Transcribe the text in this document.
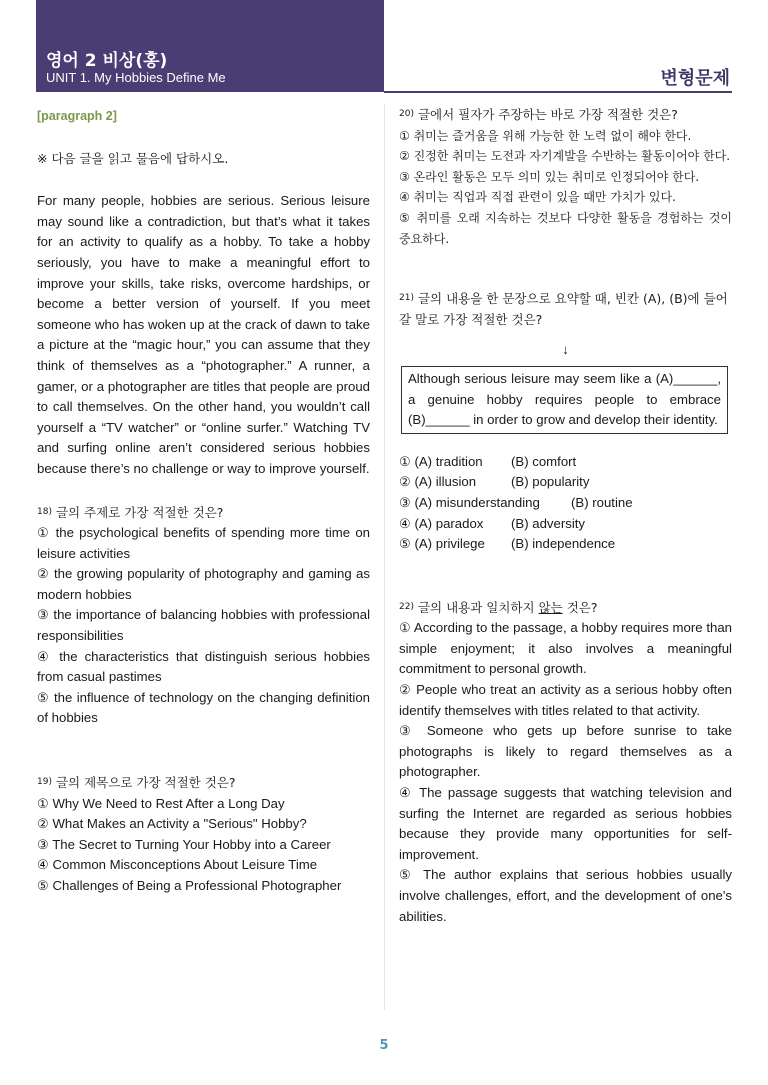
영어 2 비상(홍)
UNIT 1. My Hobbies Define Me	변형문제
[paragraph 2]
※ 다음 글을 읽고 물음에 답하시오.
For many people, hobbies are serious. Serious leisure may sound like a contradiction, but that’s what it takes for an activity to qualify as a hobby. To take a hobby seriously, you have to make a meaningful effort to improve your skills, take risks, overcome hardships, or become a better version of yourself. If you meet someone who has woken up at the crack of dawn to take a picture at the “magic hour,” you can assume that they think of themselves as a “photographer.” A runner, a gamer, or a photographer are titles that people are proud to call themselves. On the other hand, you wouldn’t call yourself a “TV watcher” or “online surfer.” Watching TV and surfing online aren’t considered serious hobbies because there’s no challenge or way to improve yourself.
$^{18)}$ 글의 주제로 가장 적절한 것은?
① the psychological benefits of spending more time on leisure activities
② the growing popularity of photography and gaming as modern hobbies
③ the importance of balancing hobbies with professional responsibilities
④ the characteristics that distinguish serious hobbies from casual pastimes
⑤ the influence of technology on the changing definition of hobbies
$^{19)}$ 글의 제목으로 가장 적절한 것은?
① Why We Need to Rest After a Long Day
② What Makes an Activity a "Serious" Hobby?
③ The Secret to Turning Your Hobby into a Career
④ Common Misconceptions About Leisure Time
⑤ Challenges of Being a Professional Photographer
$^{20)}$ 글에서 필자가 주장하는 바로 가장 적절한 것은?
① 취미는 즐거움을 위해 가능한 한 노력 없이 해야 한다.
② 진정한 취미는 도전과 자기계발을 수반하는 활동이어야 한다.
③ 온라인 활동은 모두 의미 있는 취미로 인정되어야 한다.
④ 취미는 직업과 직접 관련이 있을 때만 가치가 있다.
⑤ 취미를 오래 지속하는 것보다 다양한 활동을 경험하는 것이 중요하다.
$^{21)}$ 글의 내용을 한 문장으로 요약할 때, 빈칸 (A), (B)에 들어갈 말로 가장 적절한 것은?
↓
Although serious leisure may seem like a (A)______, a genuine hobby requires people to embrace (B)______ in order to grow and develop their identity.
① (A) tradition	(B) comfort
② (A) illusion	(B) popularity
③ (A) misunderstanding	(B) routine
④ (A) paradox	(B) adversity
⑤ (A) privilege	(B) independence
$^{22)}$ 글의 내용과 일치하지 않는 것은?
① According to the passage, a hobby requires more than simple enjoyment; it also involves a meaningful commitment to personal growth.
② People who treat an activity as a serious hobby often identify themselves with titles related to that activity.
③ Someone who gets up before sunrise to take photographs is likely to regard themselves as a photographer.
④ The passage suggests that watching television and surfing the Internet are regarded as serious hobbies because they provide many opportunities for self-improvement.
⑤ The author explains that serious hobbies usually involve challenges, effort, and the development of one's abilities.
5
